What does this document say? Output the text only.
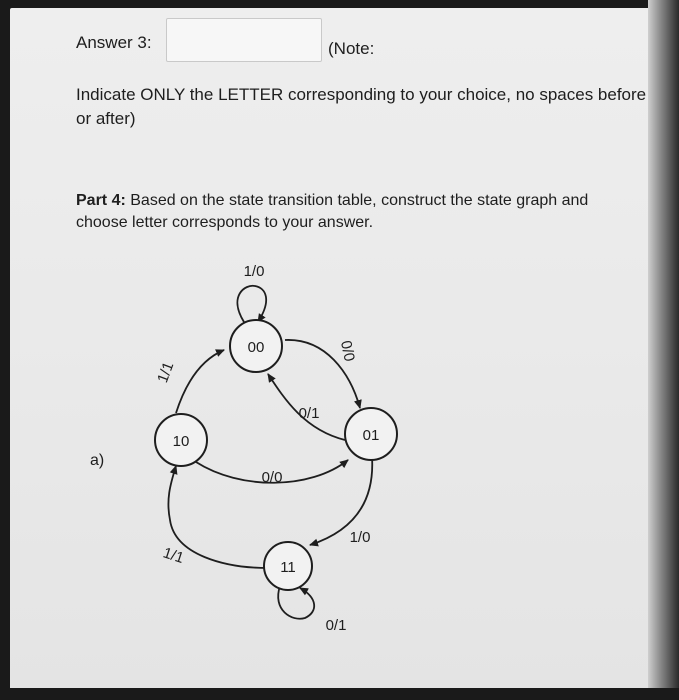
Answer 3:	(Note:
Indicate ONLY the LETTER corresponding to your choice, no spaces before
or after)
Part 4: Based on the state transition table, construct the state graph and
choose letter corresponds to your answer.
a)
00
01
10
11
1/0
0/0
0/1
1/1
0/0
1/0
1/1
0/1
